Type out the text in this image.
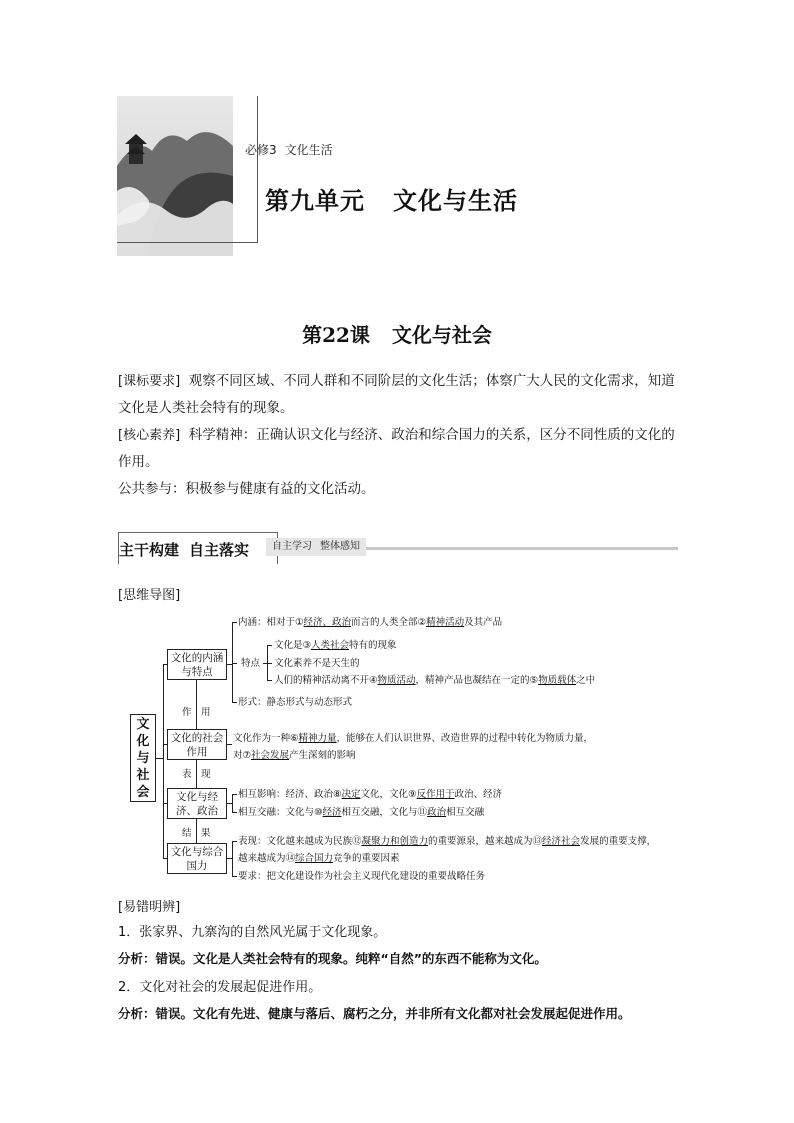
必修3 文化生活
第九单元 文化与生活
第22课 文化与社会
[课标要求] 观察不同区域、不同人群和不同阶层的文化生活；体察广大人民的文化需求，知道文化是人类社会特有的现象。
[核心素养] 科学精神：正确认识文化与经济、政治和综合国力的关系，区分不同性质的文化的作用。
公共参与：积极参与健康有益的文化活动。
主干构建 自主落实	自主学习 整体感知
[思维导图]
文
化
与
社
会
文化的内涵与特点
文化的社会作用
文化与经济、政治
文化与综合国力
作 用
表 现
结 果
内涵：相对于①经济、政治而言的人类全部②精神活动及其产品
特点
文化是③人类社会特有的现象
文化素养不是天生的
人们的精神活动离不开④物质活动，精神产品也凝结在一定的⑤物质载体之中
形式：静态形式与动态形式
文化作为一种⑥精神力量，能够在人们认识世界、改造世界的过程中转化为物质力量，
对⑦社会发展产生深刻的影响
相互影响：经济、政治⑧决定文化，文化⑨反作用于政治、经济
相互交融：文化与⑩经济相互交融，文化与⑪政治相互交融
表现：文化越来越成为民族⑫凝聚力和创造力的重要源泉，越来越成为⑬经济社会发展的重要支撑，
越来越成为⑭综合国力竞争的重要因素
要求：把文化建设作为社会主义现代化建设的重要战略任务
[易错明辨]
1．张家界、九寨沟的自然风光属于文化现象。
分析：错误。文化是人类社会特有的现象。纯粹“自然”的东西不能称为文化。
2．文化对社会的发展起促进作用。
分析：错误。文化有先进、健康与落后、腐朽之分，并非所有文化都对社会发展起促进作用。
